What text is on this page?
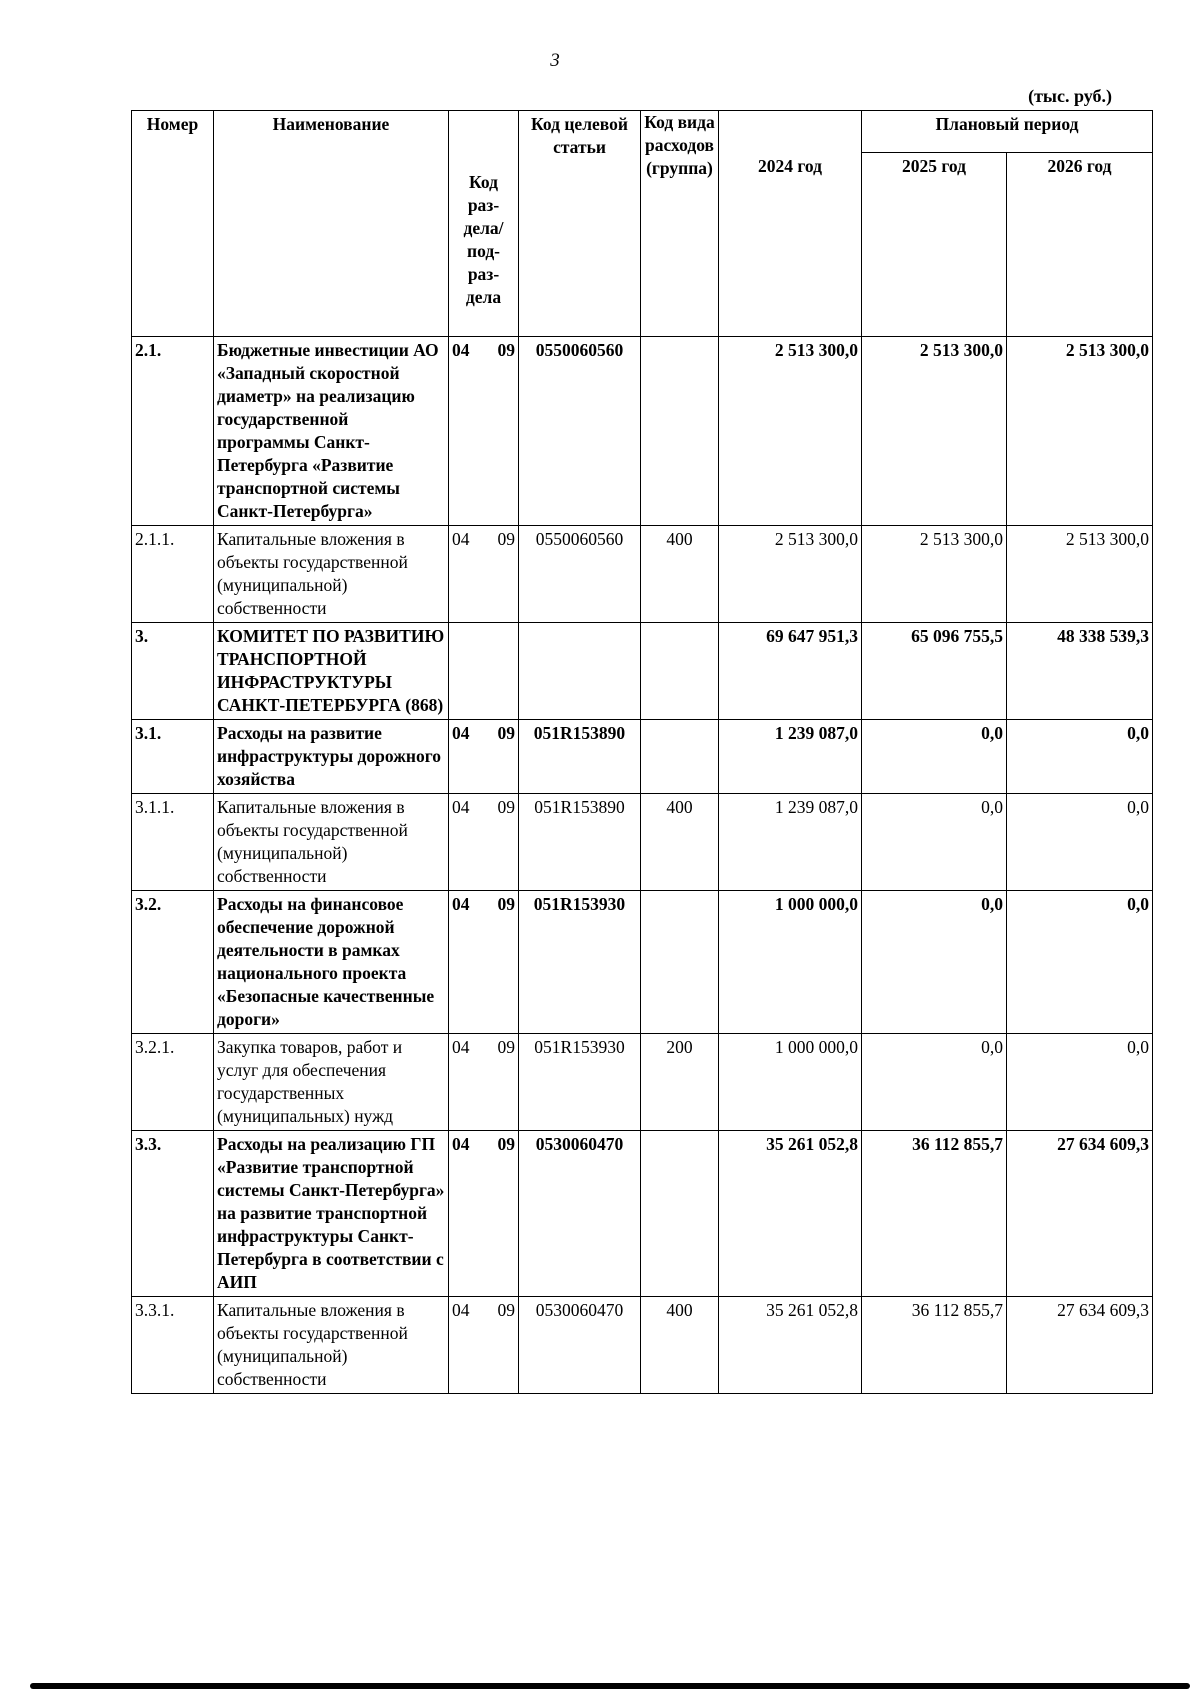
3
(тыс. руб.)
Номер	Наименование	Код раз- дела/ под- раз- дела	Код целевой статьи	Код вида расходов (группа)	2024 год	Плановый период	
						2025 год	2026 год
2.1.	Бюджетные инвестиции АО «Западный скоростной диаметр» на реализацию государственной программы Санкт-Петербурга «Развитие транспортной системы Санкт-Петербурга»	04 09	0550060560		2 513 300,0	2 513 300,0	2 513 300,0
2.1.1.	Капитальные вложения в объекты государственной (муниципальной) собственности	04 09	0550060560	400	2 513 300,0	2 513 300,0	2 513 300,0
3.	КОМИТЕТ ПО РАЗВИТИЮ ТРАНСПОРТНОЙ ИНФРАСТРУКТУРЫ САНКТ-ПЕТЕРБУРГА (868)				69 647 951,3	65 096 755,5	48 338 539,3
3.1.	Расходы на развитие инфраструктуры дорожного хозяйства	04 09	051R153890		1 239 087,0	0,0	0,0
3.1.1.	Капитальные вложения в объекты государственной (муниципальной) собственности	04 09	051R153890	400	1 239 087,0	0,0	0,0
3.2.	Расходы на финансовое обеспечение дорожной деятельности в рамках национального проекта «Безопасные качественные дороги»	04 09	051R153930		1 000 000,0	0,0	0,0
3.2.1.	Закупка товаров, работ и услуг для обеспечения государственных (муниципальных) нужд	04 09	051R153930	200	1 000 000,0	0,0	0,0
3.3.	Расходы на реализацию ГП «Развитие транспортной системы Санкт-Петербурга» на развитие транспортной инфраструктуры Санкт-Петербурга в соответствии с АИП	04 09	0530060470		35 261 052,8	36 112 855,7	27 634 609,3
3.3.1.	Капитальные вложения в объекты государственной (муниципальной) собственности	04 09	0530060470	400	35 261 052,8	36 112 855,7	27 634 609,3
